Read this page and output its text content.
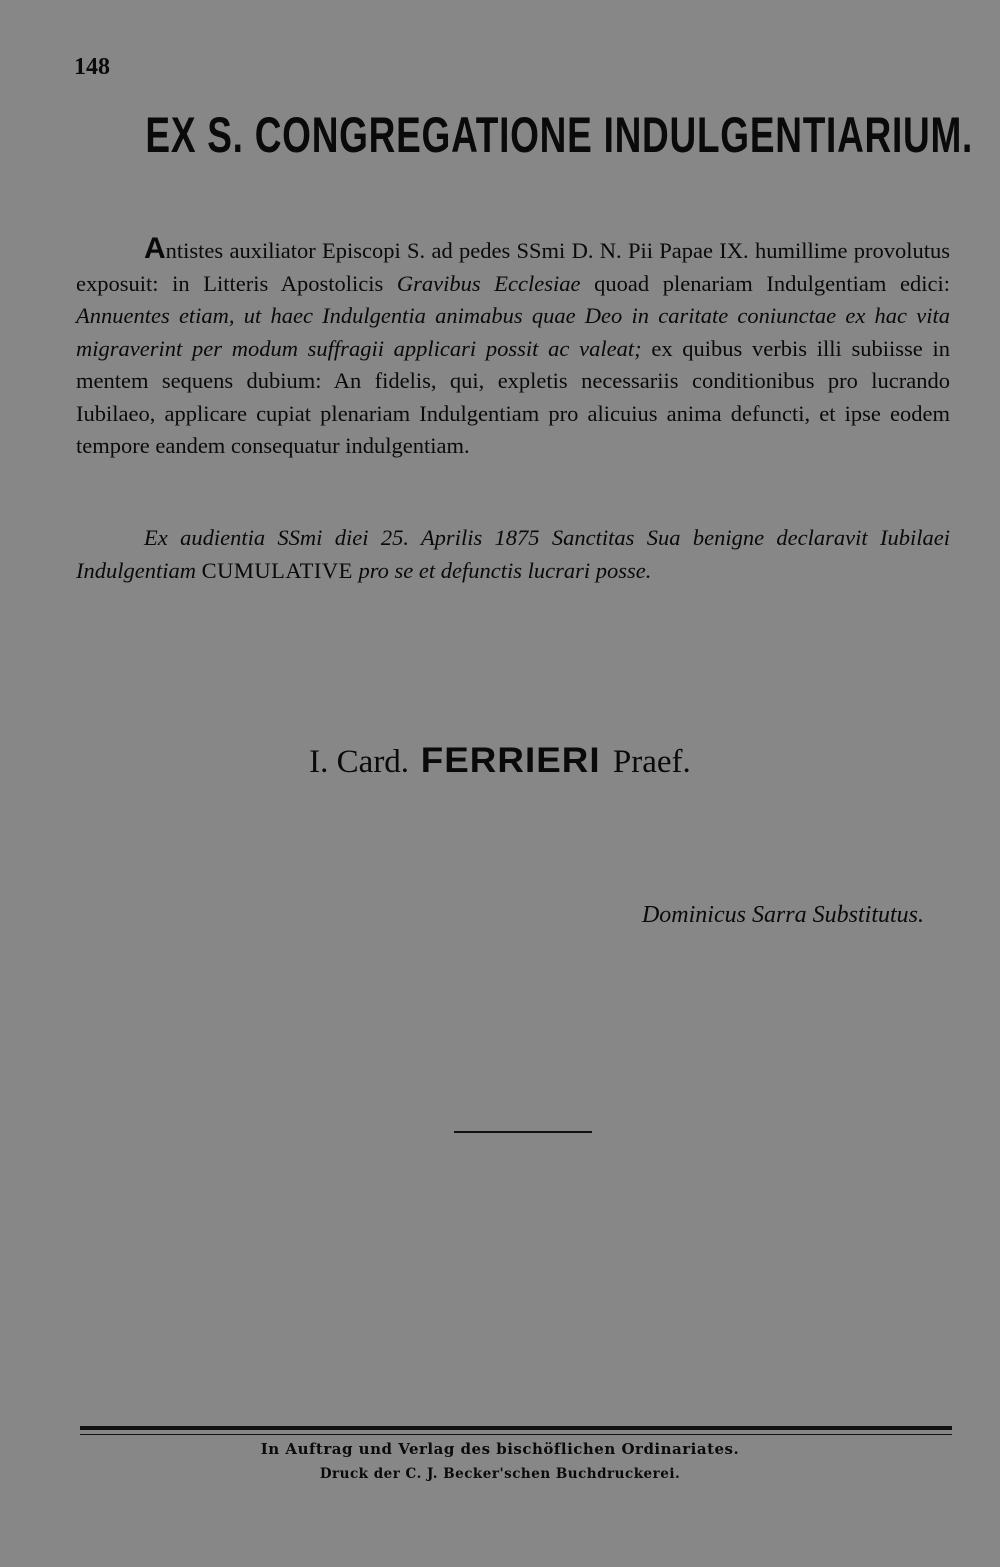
148
EX S. CONGREGATIONE INDULGENTIARIUM.

Antistes auxiliator Episcopi S. ad pedes SSmi D. N. Pii Papae IX. humillime provolutus exposuit: in Litteris Apostolicis Gravibus Ecclesiae quoad plenariam Indulgentiam edici: Annuentes etiam, ut haec Indulgentia animabus quae Deo in caritate coniunctae ex hac vita migraverint per modum suffragii applicari possit ac valeat; ex quibus verbis illi subiisse in mentem sequens dubium: An fidelis, qui, expletis necessariis conditionibus pro lucrando Iubilaeo, applicare cupiat plenariam Indulgentiam pro alicuius anima defuncti, et ipse eodem tempore eandem consequatur indulgentiam.

Ex audientia SSmi diei 25. Aprilis 1875 Sanctitas Sua benigne declaravit Iubilaei Indulgentiam CUMULATIVE pro se et defunctis lucrari posse.

I. Card. FERRIERI Praef.
Dominicus Sarra Substitutus.
In Auftrag und Verlag des bischöflichen Ordinariates.
Druck der C. J. Becker'schen Buchdruckerei.
